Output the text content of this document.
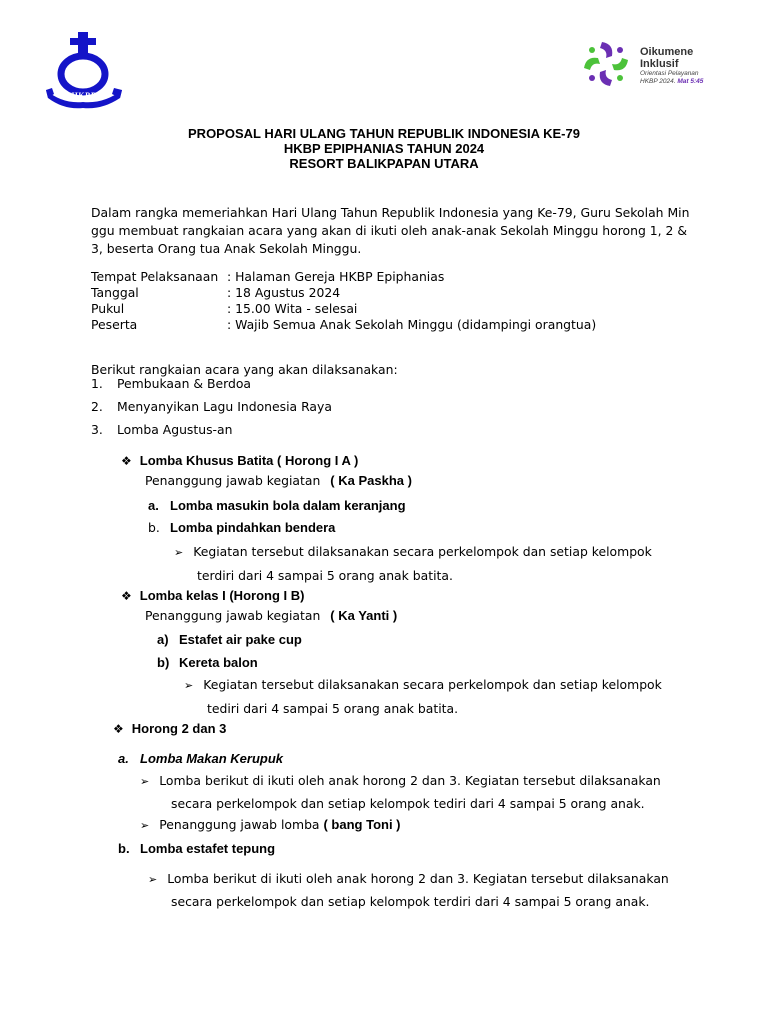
HKBP
Oikumene
Inklusif
Orientasi Pelayanan
HKBP 2024. Mat 5:45
PROPOSAL HARI ULANG TAHUN REPUBLIK INDONESIA KE-79
HKBP EPIPHANIAS TAHUN 2024
RESORT BALIKPAPAN UTARA
Dalam rangka memeriahkan Hari Ulang Tahun Republik Indonesia yang Ke-79, Guru Sekolah Min
ggu membuat rangkaian acara yang akan di ikuti oleh anak-anak Sekolah Minggu horong 1, 2 &
3, beserta Orang tua Anak Sekolah Minggu.
Tempat Pelaksanaan : Halaman Gereja HKBP Epiphanias
Tanggal	: 18 Agustus 2024
Pukul	: 15.00 Wita - selesai
Peserta	: Wajib Semua Anak Sekolah Minggu (didampingi orangtua)
Berikut rangkaian acara yang akan dilaksanakan:
1. Pembukaan & Berdoa
2. Menyanyikan Lagu Indonesia Raya
3. Lomba Agustus-an
❖ Lomba Khusus Batita ( Horong I A )
Penanggung jawab kegiatan ( Ka Paskha )
a. Lomba masukin bola dalam keranjang
b. Lomba pindahkan bendera
➢ Kegiatan tersebut dilaksanakan secara perkelompok dan setiap kelompok
terdiri dari 4 sampai 5 orang anak batita.
❖ Lomba kelas I (Horong I B)
Penanggung jawab kegiatan ( Ka Yanti )
a) Estafet air pake cup
b) Kereta balon
➢ Kegiatan tersebut dilaksanakan secara perkelompok dan setiap kelompok
tediri dari 4 sampai 5 orang anak batita.
❖ Horong 2 dan 3
a. Lomba Makan Kerupuk
➢ Lomba berikut di ikuti oleh anak horong 2 dan 3. Kegiatan tersebut dilaksanakan
secara perkelompok dan setiap kelompok tediri dari 4 sampai 5 orang anak.
➢ Penanggung jawab lomba ( bang Toni )
b. Lomba estafet tepung
➢ Lomba berikut di ikuti oleh anak horong 2 dan 3. Kegiatan tersebut dilaksanakan
secara perkelompok dan setiap kelompok terdiri dari 4 sampai 5 orang anak.
